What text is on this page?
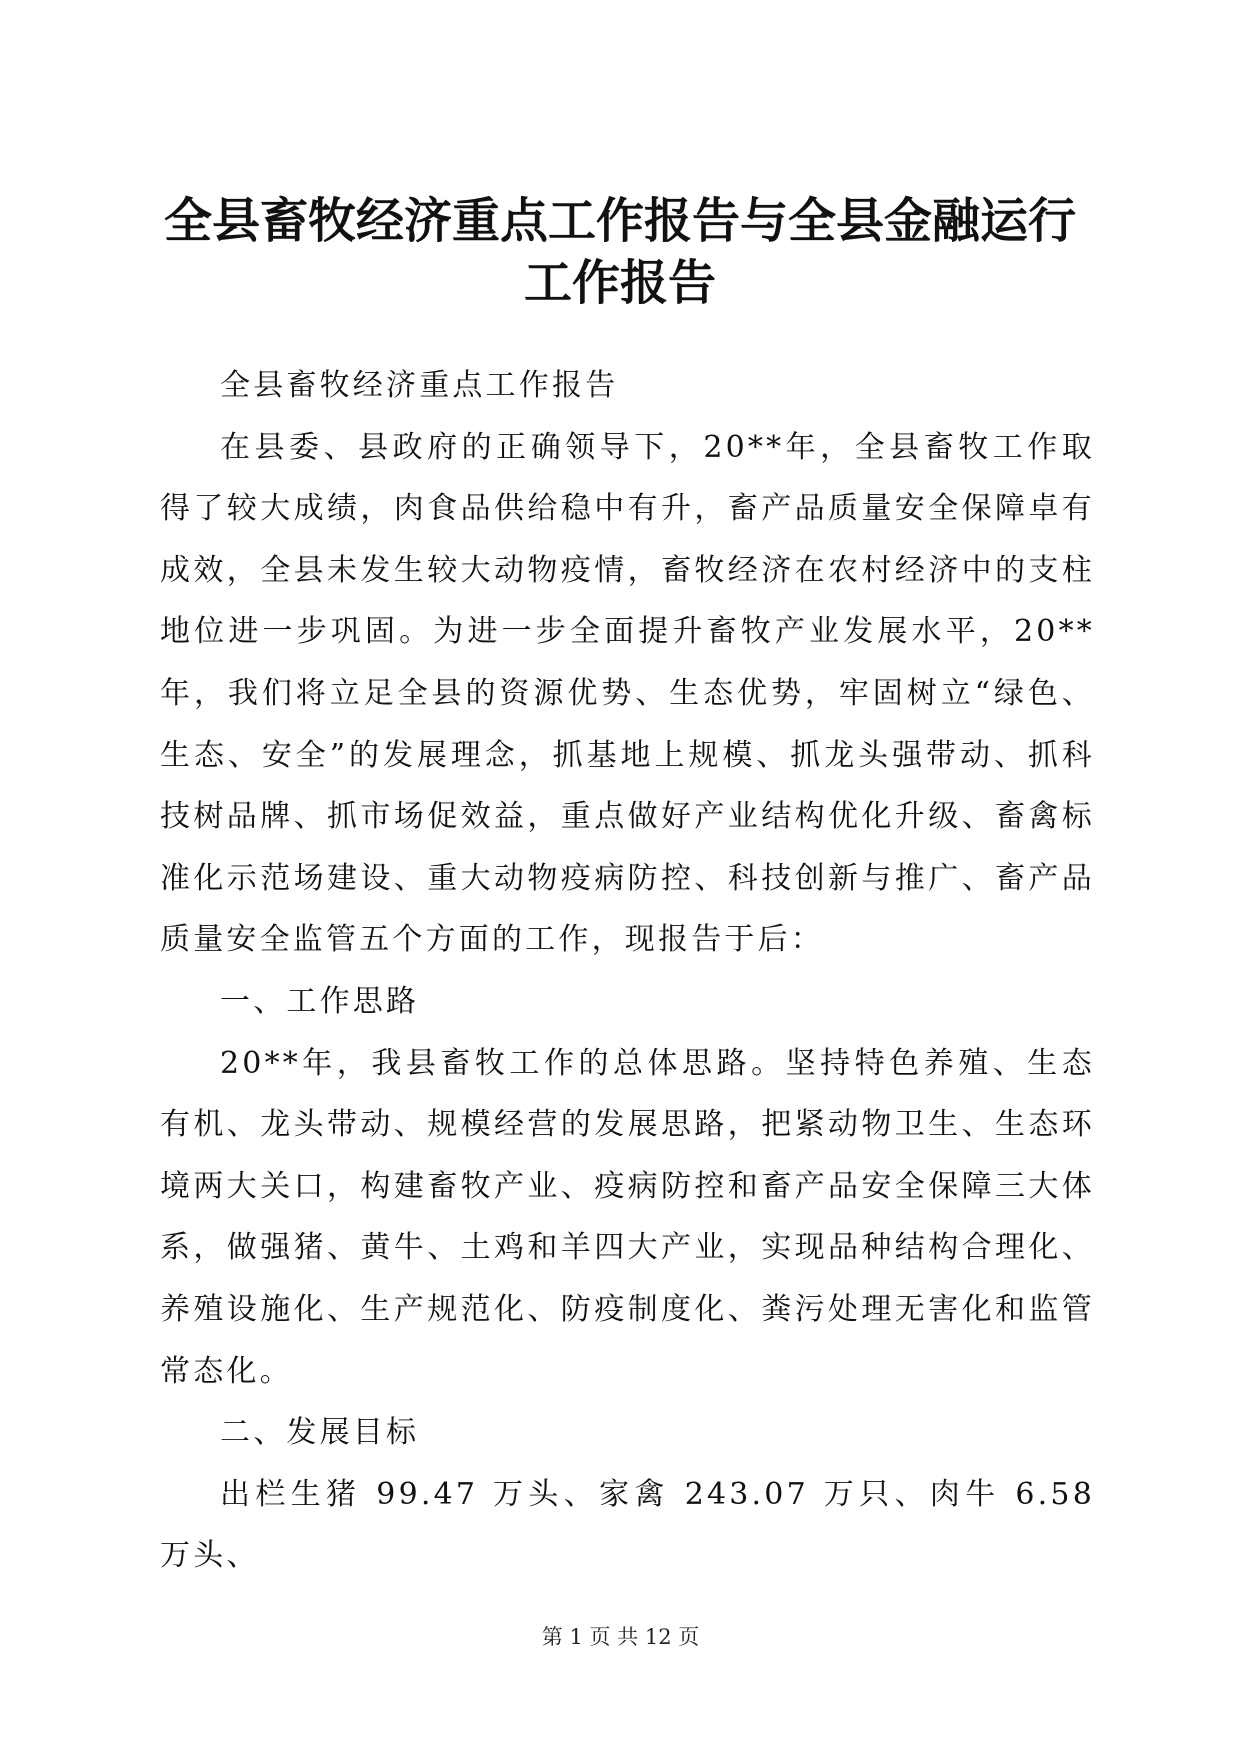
全县畜牧经济重点工作报告与全县金融运行工作报告

全县畜牧经济重点工作报告

在县委、县政府的正确领导下，20**年，全县畜牧工作取得了较大成绩，肉食品供给稳中有升，畜产品质量安全保障卓有成效，全县未发生较大动物疫情，畜牧经济在农村经济中的支柱地位进一步巩固。为进一步全面提升畜牧产业发展水平，20**年，我们将立足全县的资源优势、生态优势，牢固树立“绿色、生态、安全”的发展理念，抓基地上规模、抓龙头强带动、抓科技树品牌、抓市场促效益，重点做好产业结构优化升级、畜禽标准化示范场建设、重大动物疫病防控、科技创新与推广、畜产品质量安全监管五个方面的工作，现报告于后：

一、工作思路

20**年，我县畜牧工作的总体思路。坚持特色养殖、生态有机、龙头带动、规模经营的发展思路，把紧动物卫生、生态环境两大关口，构建畜牧产业、疫病防控和畜产品安全保障三大体系，做强猪、黄牛、土鸡和羊四大产业，实现品种结构合理化、养殖设施化、生产规范化、防疫制度化、粪污处理无害化和监管常态化。

二、发展目标

出栏生猪 99.47 万头、家禽 243.07 万只、肉牛 6.58 万头、

第 1 页 共 12 页
